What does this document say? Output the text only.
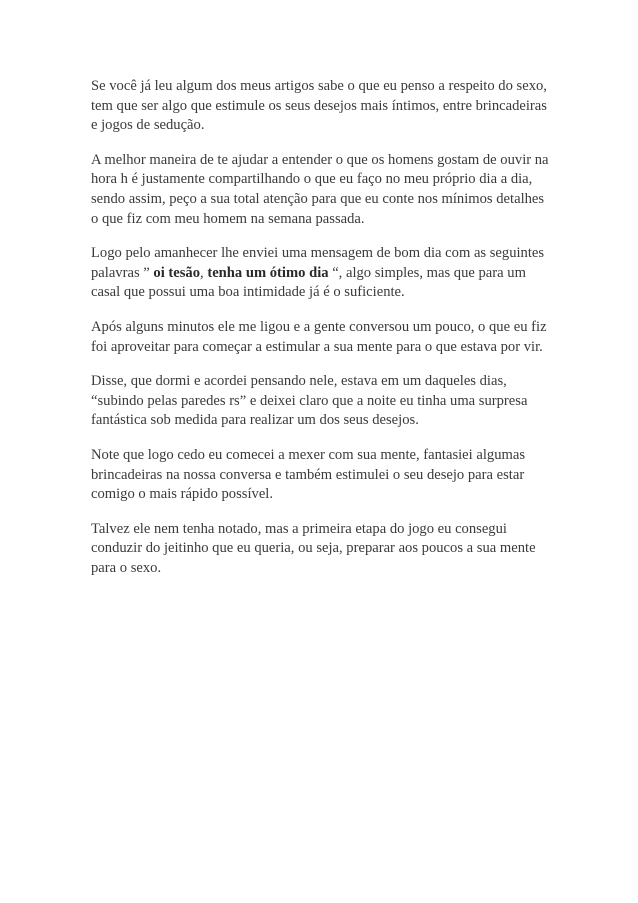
Se você já leu algum dos meus artigos sabe o que eu penso a respeito do sexo, tem que ser algo que estimule os seus desejos mais íntimos, entre brincadeiras e jogos de sedução.

A melhor maneira de te ajudar a entender o que os homens gostam de ouvir na hora h é justamente compartilhando o que eu faço no meu próprio dia a dia, sendo assim, peço a sua total atenção para que eu conte nos mínimos detalhes o que fiz com meu homem na semana passada.

Logo pelo amanhecer lhe enviei uma mensagem de bom dia com as seguintes palavras ” oi tesão, tenha um ótimo dia “, algo simples, mas que para um casal que possui uma boa intimidade já é o suficiente.

Após alguns minutos ele me ligou e a gente conversou um pouco, o que eu fiz foi aproveitar para começar a estimular a sua mente para o que estava por vir.

Disse, que dormi e acordei pensando nele, estava em um daqueles dias, “subindo pelas paredes rs” e deixei claro que a noite eu tinha uma surpresa fantástica sob medida para realizar um dos seus desejos.

Note que logo cedo eu comecei a mexer com sua mente, fantasiei algumas brincadeiras na nossa conversa e também estimulei o seu desejo para estar comigo o mais rápido possível.

Talvez ele nem tenha notado, mas a primeira etapa do jogo eu consegui conduzir do jeitinho que eu queria, ou seja, preparar aos poucos a sua mente para o sexo.
